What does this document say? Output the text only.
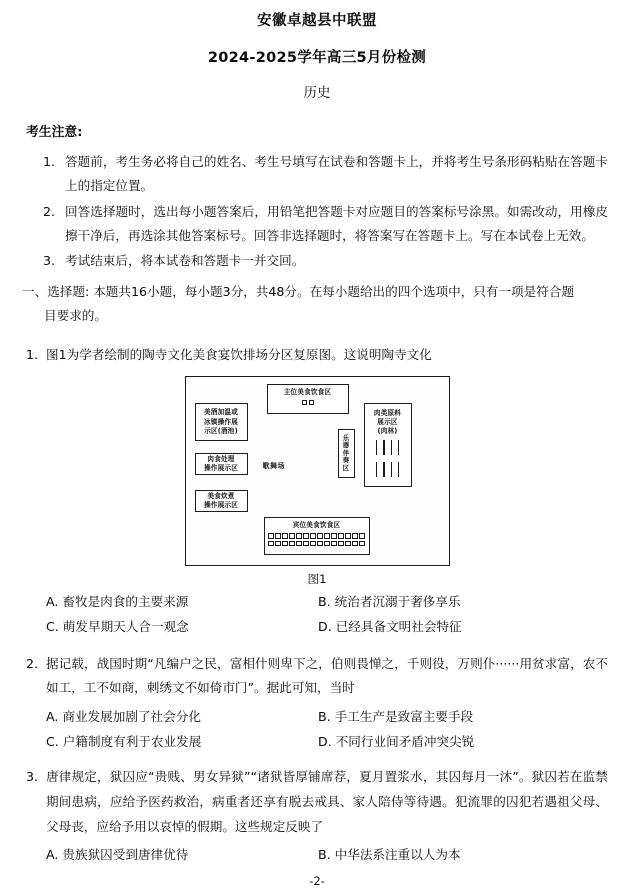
安徽卓越县中联盟
2024-2025学年高三5月份检测
历史
考生注意:
1. 答题前，考生务必将自己的姓名、考生号填写在试卷和答题卡上，并将考生号条形码粘贴在答题卡上的指定位置。
2. 回答选择题时，选出每小题答案后，用铅笔把答题卡对应题目的答案标号涂黑。如需改动，用橡皮擦干净后，再选涂其他答案标号。回答非选择题时，将答案写在答题卡上。写在本试卷上无效。
3. 考试结束后，将本试卷和答题卡一并交回。
一、选择题: 本题共16小题，每小题3分，共48分。在每小题给出的四个选项中，只有一项是符合题
目要求的。
1. 图1为学者绘制的陶寺文化美食宴饮排场分区复原图。这说明陶寺文化
主位美食饮食区
美酒加温或
冰镇操作展
示区(酒池)
肉食处理
操作展示区
美食炊煮
操作展示区
乐
器
伴
奏
区
肉类原料
展示区
(肉林)
歌舞场
宾位美食饮食区
图1
A. 畜牧是肉食的主要来源	B. 统治者沉溺于奢侈享乐
C. 萌发早期天人合一观念	D. 已经具备文明社会特征
2. 据记载，战国时期“凡编户之民，富相什则卑下之，伯则畏惮之，千则役，万则仆······用贫求富，农不如工，工不如商，刺绣文不如倚市门”。据此可知，当时
A. 商业发展加剧了社会分化	B. 手工生产是致富主要手段
C. 户籍制度有利于农业发展	D. 不同行业间矛盾冲突尖锐
3. 唐律规定，狱囚应“贵贱、男女异狱”“诸狱皆厚铺席荐，夏月置浆水，其囚每月一沐”。狱囚若在监禁期间患病，应给予医药救治，病重者还享有脱去戒具、家人陪侍等待遇。犯流罪的囚犯若遇祖父母、父母丧，应给予用以哀悼的假期。这些规定反映了
A. 贵族狱囚受到唐律优待	B. 中华法系注重以人为本
-2-
